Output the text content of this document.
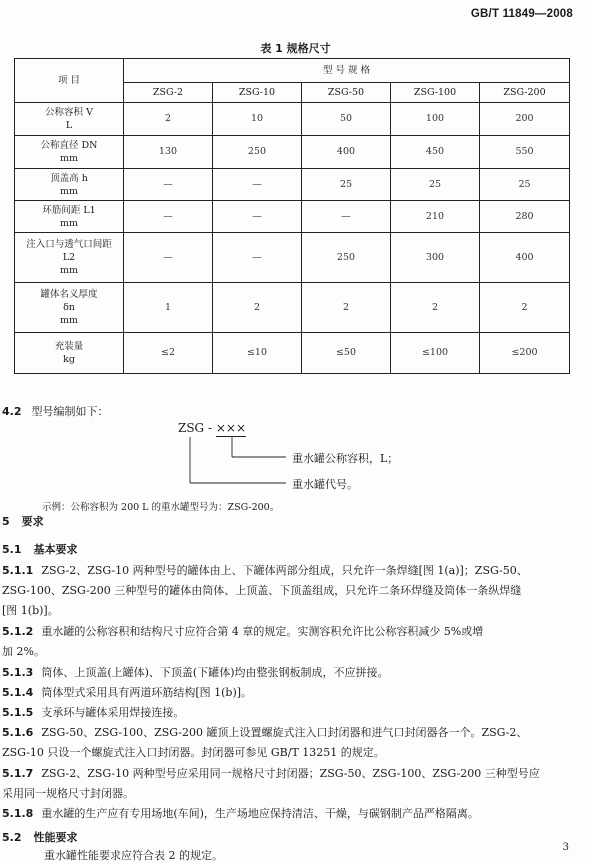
GB/T 11849—2008
表 1 规格尺寸
项 目	型 号 规 格				
	ZSG-2	ZSG-10	ZSG-50	ZSG-100	ZSG-200

公称容积 V
L	2	10	50	100	200

公称直径 DN
mm	130	250	400	450	550

顶盖高 h
mm	—	—	25	25	25

环筋间距 L1
mm	—	—	—	210	280

注入口与透气口间距
L2
mm	—	—	250	300	400

罐体名义厚度
δn
mm	1	2	2	2	2

充装量
kg	≤2	≤10	≤50	≤100	≤200
4.2 型号编制如下：
ZSG - ×××
重水罐公称容积，L；
重水罐代号。
示例：公称容积为 200 L 的重水罐型号为：ZSG-200。
5 要求
5.1 基本要求
5.1.1 ZSG-2、ZSG-10 两种型号的罐体由上、下罐体两部分组成，只允许一条焊缝[图 1(a)]；ZSG-50、
ZSG-100、ZSG-200 三种型号的罐体由筒体、上顶盖、下顶盖组成，只允许二条环焊缝及筒体一条纵焊缝
[图 1(b)]。
5.1.2 重水罐的公称容积和结构尺寸应符合第 4 章的规定。实测容积允许比公称容积减少 5%或增
加 2%。
5.1.3 筒体、上顶盖(上罐体)、下顶盖(下罐体)均由整张钢板制成，不应拼接。
5.1.4 筒体型式采用具有两道环筋结构[图 1(b)]。
5.1.5 支承环与罐体采用焊接连接。
5.1.6 ZSG-50、ZSG-100、ZSG-200 罐顶上设置螺旋式注入口封闭器和进气口封闭器各一个。ZSG-2、
ZSG-10 只设一个螺旋式注入口封闭器。封闭器可参见 GB/T 13251 的规定。
5.1.7 ZSG-2、ZSG-10 两种型号应采用同一规格尺寸封闭器；ZSG-50、ZSG-100、ZSG-200 三种型号应
采用同一规格尺寸封闭器。
5.1.8 重水罐的生产应有专用场地(车间)，生产场地应保持清洁、干燥，与碳钢制产品严格隔离。
5.2 性能要求
重水罐性能要求应符合表 2 的规定。
3
